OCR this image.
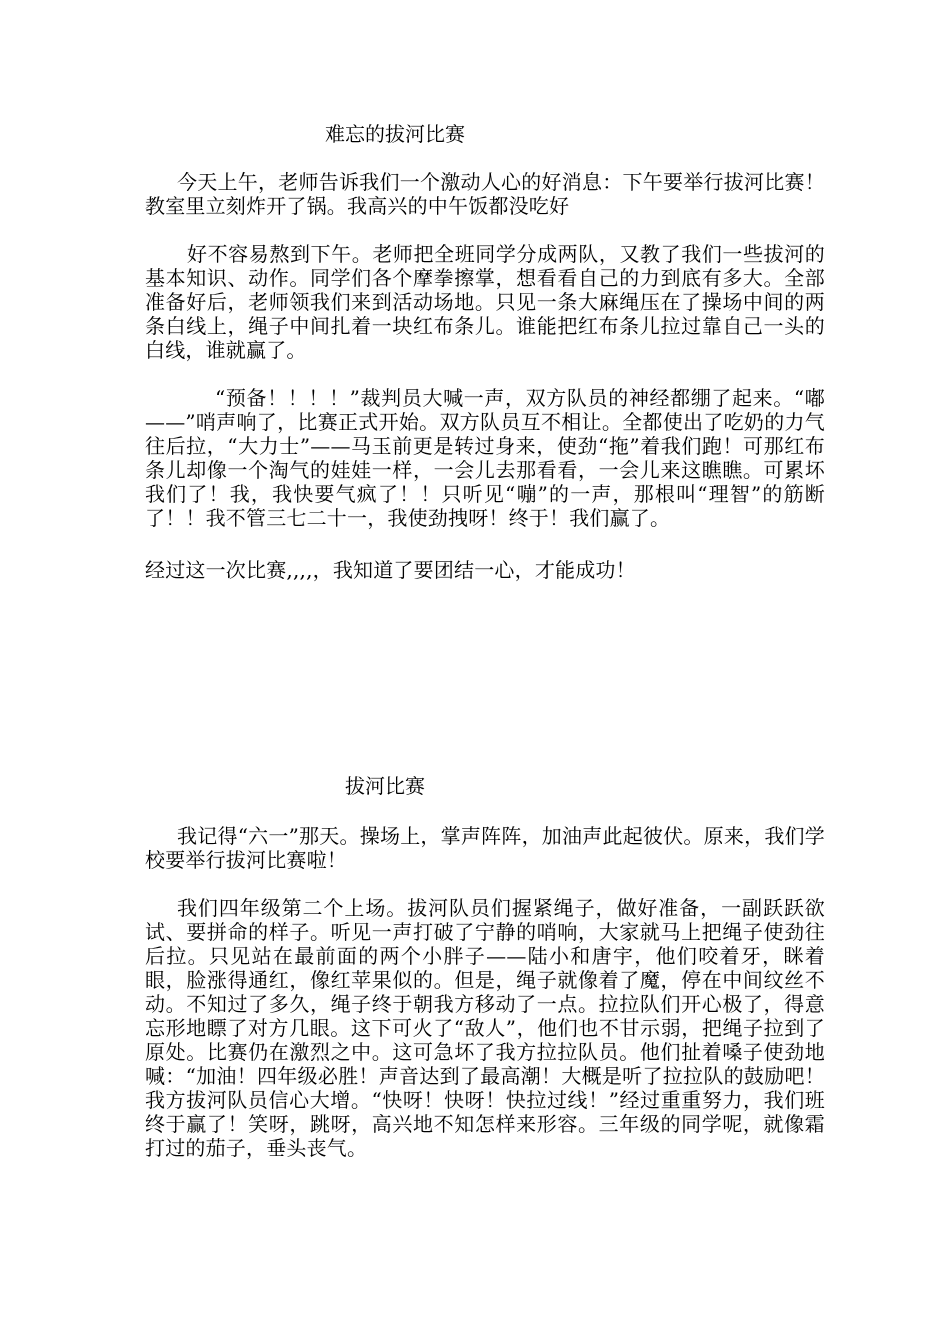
难忘的拔河比赛

今天上午，老师告诉我们一个激动人心的好消息：下午要举行拔河比赛！教室里立刻炸开了锅。我高兴的中午饭都没吃好

好不容易熬到下午。老师把全班同学分成两队，又教了我们一些拔河的基本知识、动作。同学们各个摩拳擦掌，想看看自己的力到底有多大。全部准备好后，老师领我们来到活动场地。只见一条大麻绳压在了操场中间的两条白线上，绳子中间扎着一块红布条儿。谁能把红布条儿拉过靠自己一头的白线，谁就赢了。

“预备！！！！”裁判员大喊一声，双方队员的神经都绷了起来。“嘟——”哨声响了，比赛正式开始。双方队员互不相让。全都使出了吃奶的力气往后拉，“大力士”——马玉前更是转过身来，使劲“拖”着我们跑！可那红布条儿却像一个淘气的娃娃一样，一会儿去那看看，一会儿来这瞧瞧。可累坏我们了！我，我快要气疯了！！只听见“嘣”的一声，那根叫“理智”的筋断了！！我不管三七二十一，我使劲拽呀！终于！我们赢了。

经过这一次比赛,,,,，我知道了要团结一心，才能成功！

拔河比赛

我记得“六一”那天。操场上，掌声阵阵，加油声此起彼伏。原来，我们学校要举行拔河比赛啦！

我们四年级第二个上场。拔河队员们握紧绳子，做好准备，一副跃跃欲试、要拼命的样子。听见一声打破了宁静的哨响，大家就马上把绳子使劲往后拉。只见站在最前面的两个小胖子——陆小和唐宇，他们咬着牙，眯着眼，脸涨得通红，像红苹果似的。但是，绳子就像着了魔，停在中间纹丝不动。不知过了多久，绳子终于朝我方移动了一点。拉拉队们开心极了，得意忘形地瞟了对方几眼。这下可火了“敌人”，他们也不甘示弱，把绳子拉到了原处。比赛仍在激烈之中。这可急坏了我方拉拉队员。他们扯着嗓子使劲地喊：“加油！四年级必胜！声音达到了最高潮！大概是听了拉拉队的鼓励吧！我方拔河队员信心大增。“快呀！快呀！快拉过线！”经过重重努力，我们班终于赢了！笑呀，跳呀，高兴地不知怎样来形容。三年级的同学呢，就像霜打过的茄子，垂头丧气。
